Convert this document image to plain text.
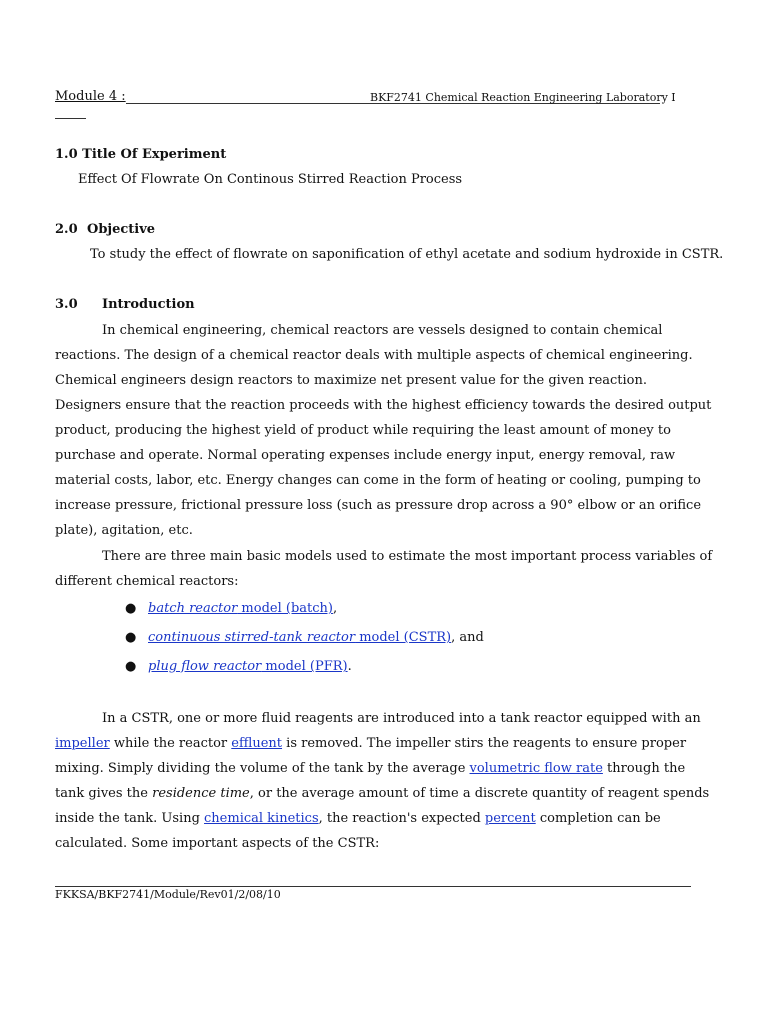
Module 4 :	BKF2741 Chemical Reaction Engineering Laboratory I
1.0 Title Of Experiment
Effect Of Flowrate On Continous Stirred Reaction Process
2.0 Objective
To study the effect of flowrate on saponification of ethyl acetate and sodium hydroxide in CSTR.
3.0 Introduction
In chemical engineering, chemical reactors are vessels designed to contain chemical reactions. The design of a chemical reactor deals with multiple aspects of chemical engineering. Chemical engineers design reactors to maximize net present value for the given reaction. Designers ensure that the reaction proceeds with the highest efficiency towards the desired output product, producing the highest yield of product while requiring the least amount of money to purchase and operate. Normal operating expenses include energy input, energy removal, raw material costs, labor, etc. Energy changes can come in the form of heating or cooling, pumping to increase pressure, frictional pressure loss (such as pressure drop across a 90° elbow or an orifice plate), agitation, etc.
There are three main basic models used to estimate the most important process variables of different chemical reactors:
● batch reactor model (batch),
● continuous stirred-tank reactor model (CSTR), and
● plug flow reactor model (PFR).
In a CSTR, one or more fluid reagents are introduced into a tank reactor equipped with an impeller while the reactor effluent is removed. The impeller stirs the reagents to ensure proper mixing. Simply dividing the volume of the tank by the average volumetric flow rate through the tank gives the residence time, or the average amount of time a discrete quantity of reagent spends inside the tank. Using chemical kinetics, the reaction's expected percent completion can be calculated. Some important aspects of the CSTR:
FKKSA/BKF2741/Module/Rev01/2/08/10
